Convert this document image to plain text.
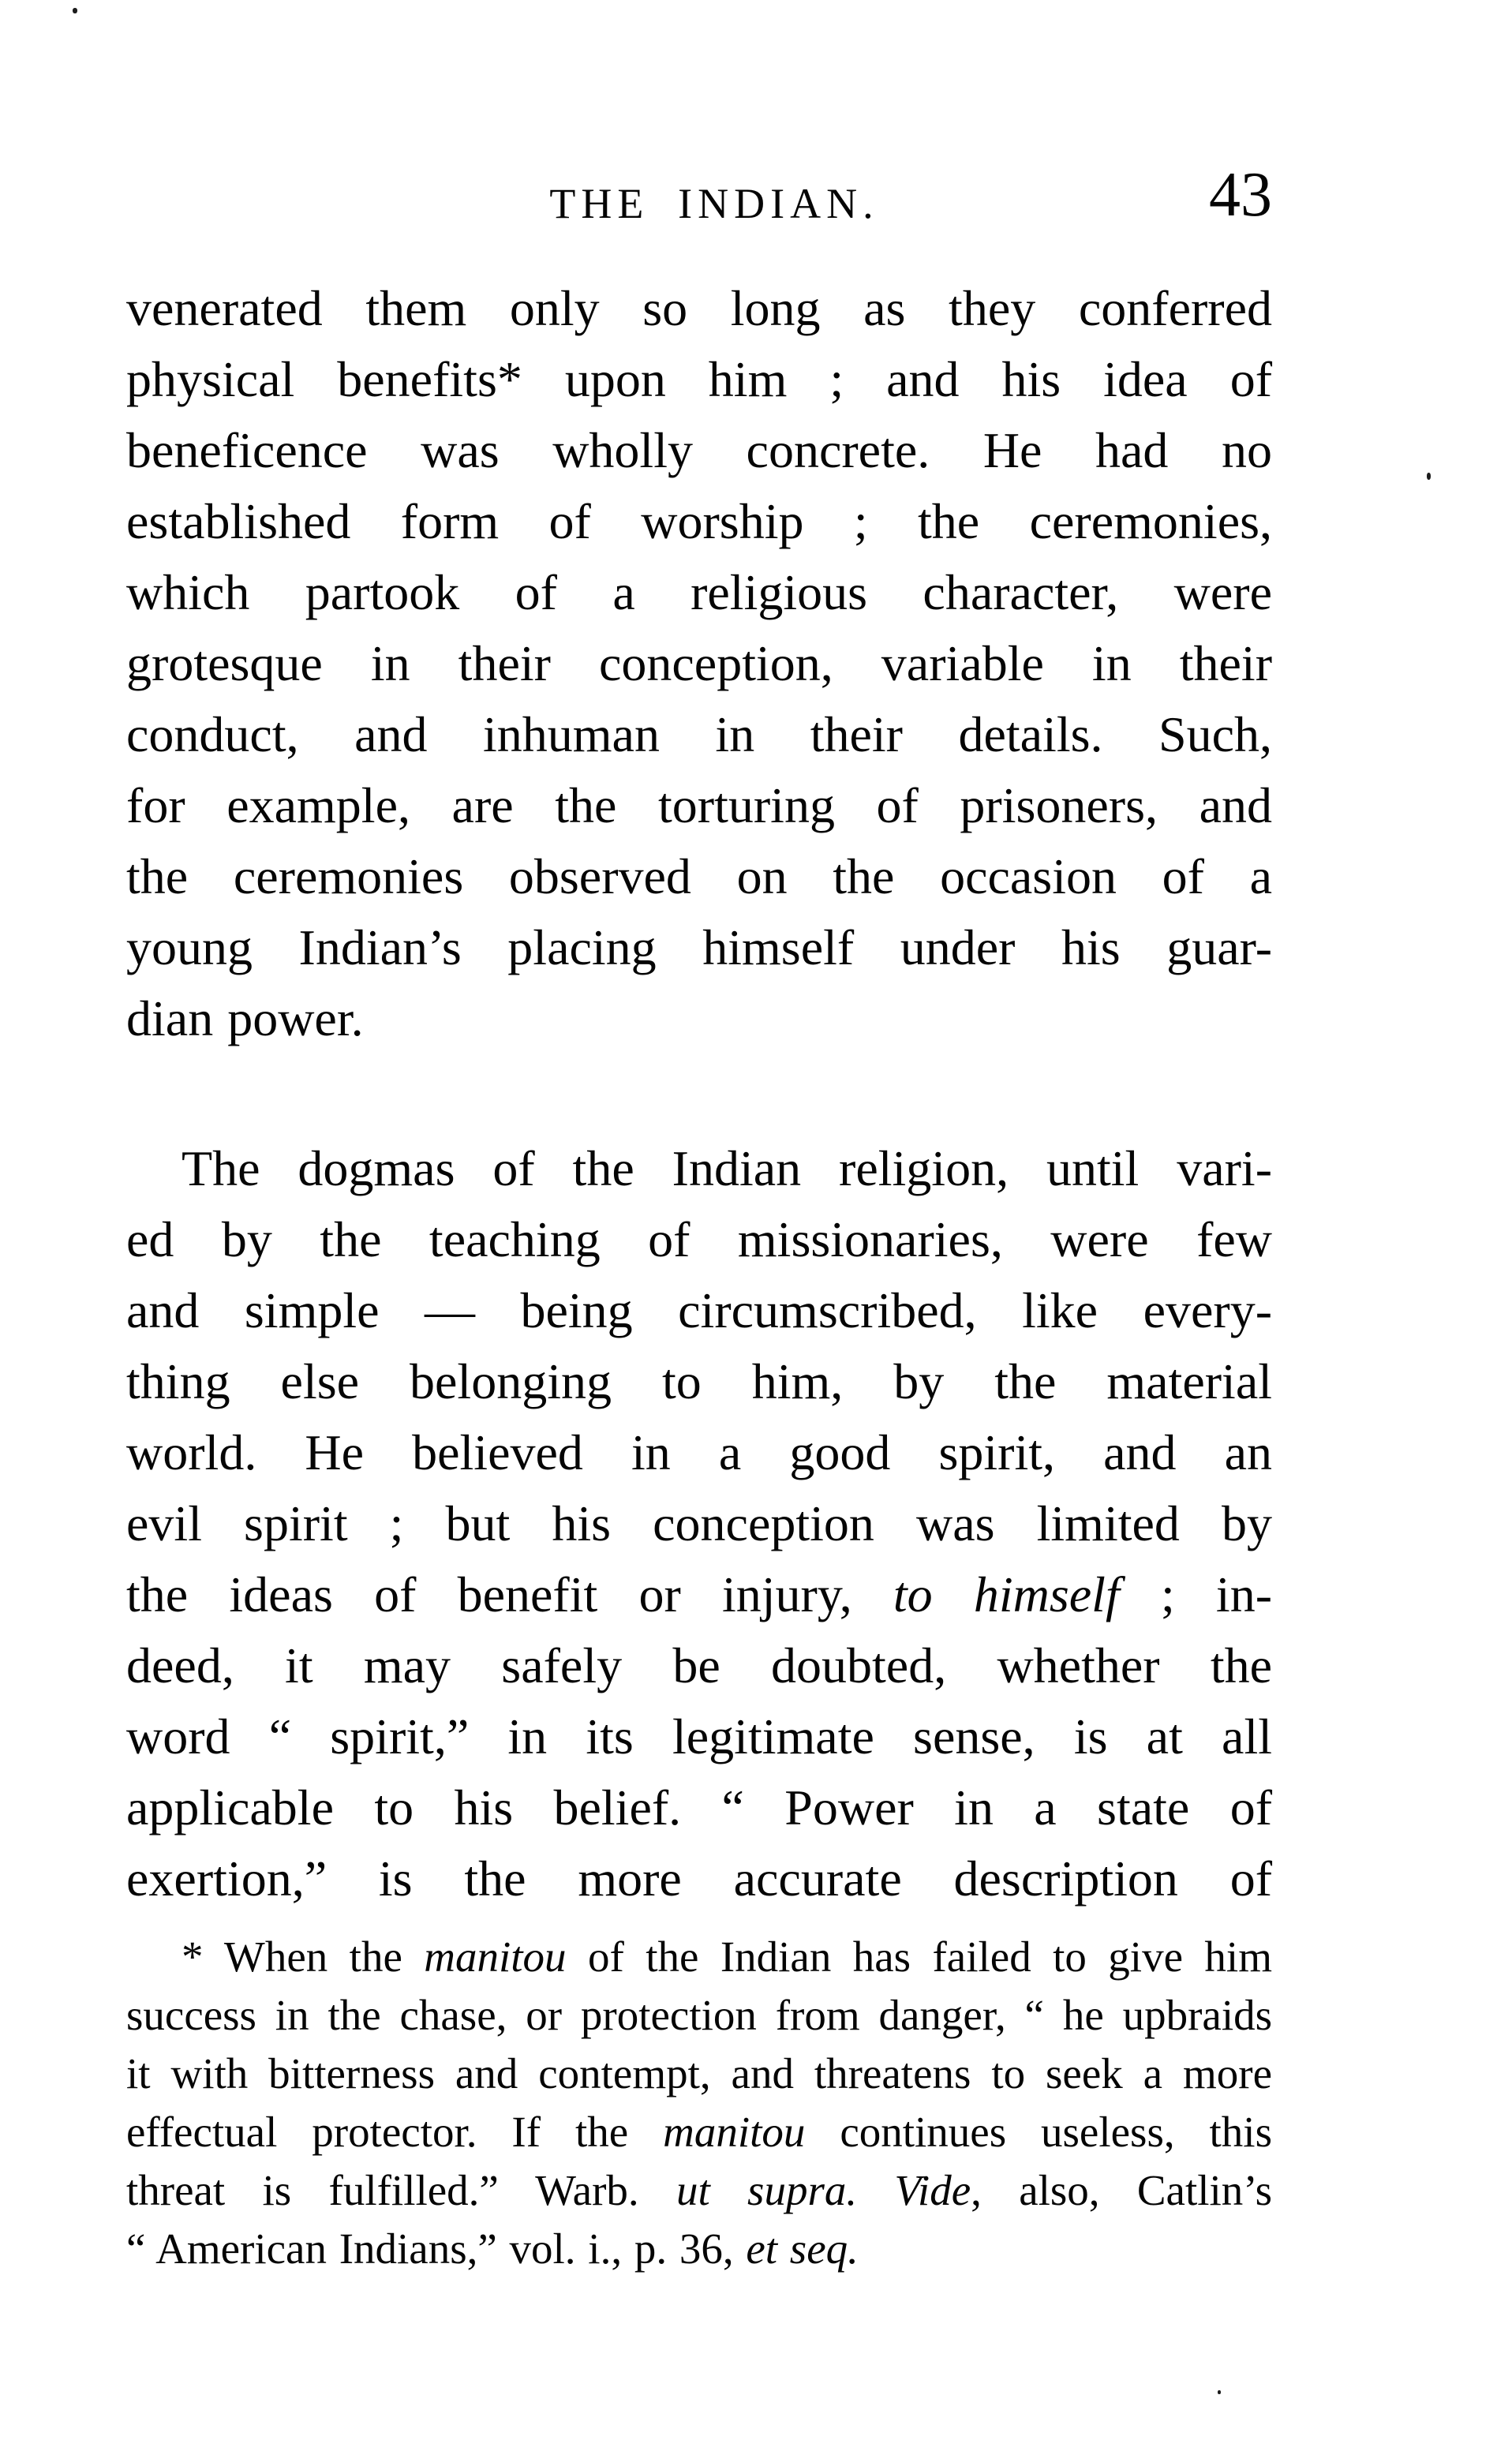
THE INDIAN.	43
venerated them only so long as they conferred
physical benefits* upon him ; and his idea of
beneficence was wholly concrete. He had no
established form of worship ; the ceremonies,
which partook of a religious character, were
grotesque in their conception, variable in their
conduct, and inhuman in their details. Such,
for example, are the torturing of prisoners, and
the ceremonies observed on the occasion of a
young Indian’s placing himself under his guar-
dian power.
The dogmas of the Indian religion, until vari-
ed by the teaching of missionaries, were few
and simple — being circumscribed, like every-
thing else belonging to him, by the material
world. He believed in a good spirit, and an
evil spirit ; but his conception was limited by
the ideas of benefit or injury, to himself ; in-
deed, it may safely be doubted, whether the
word “ spirit,” in its legitimate sense, is at all
applicable to his belief. “ Power in a state of
exertion,” is the more accurate description of
* When the manitou of the Indian has failed to give him
success in the chase, or protection from danger, “ he upbraids
it with bitterness and contempt, and threatens to seek a more
effectual protector. If the manitou continues useless, this
threat is fulfilled.” Warb. ut supra. Vide, also, Catlin’s
“ American Indians,” vol. i., p. 36, et seq.
